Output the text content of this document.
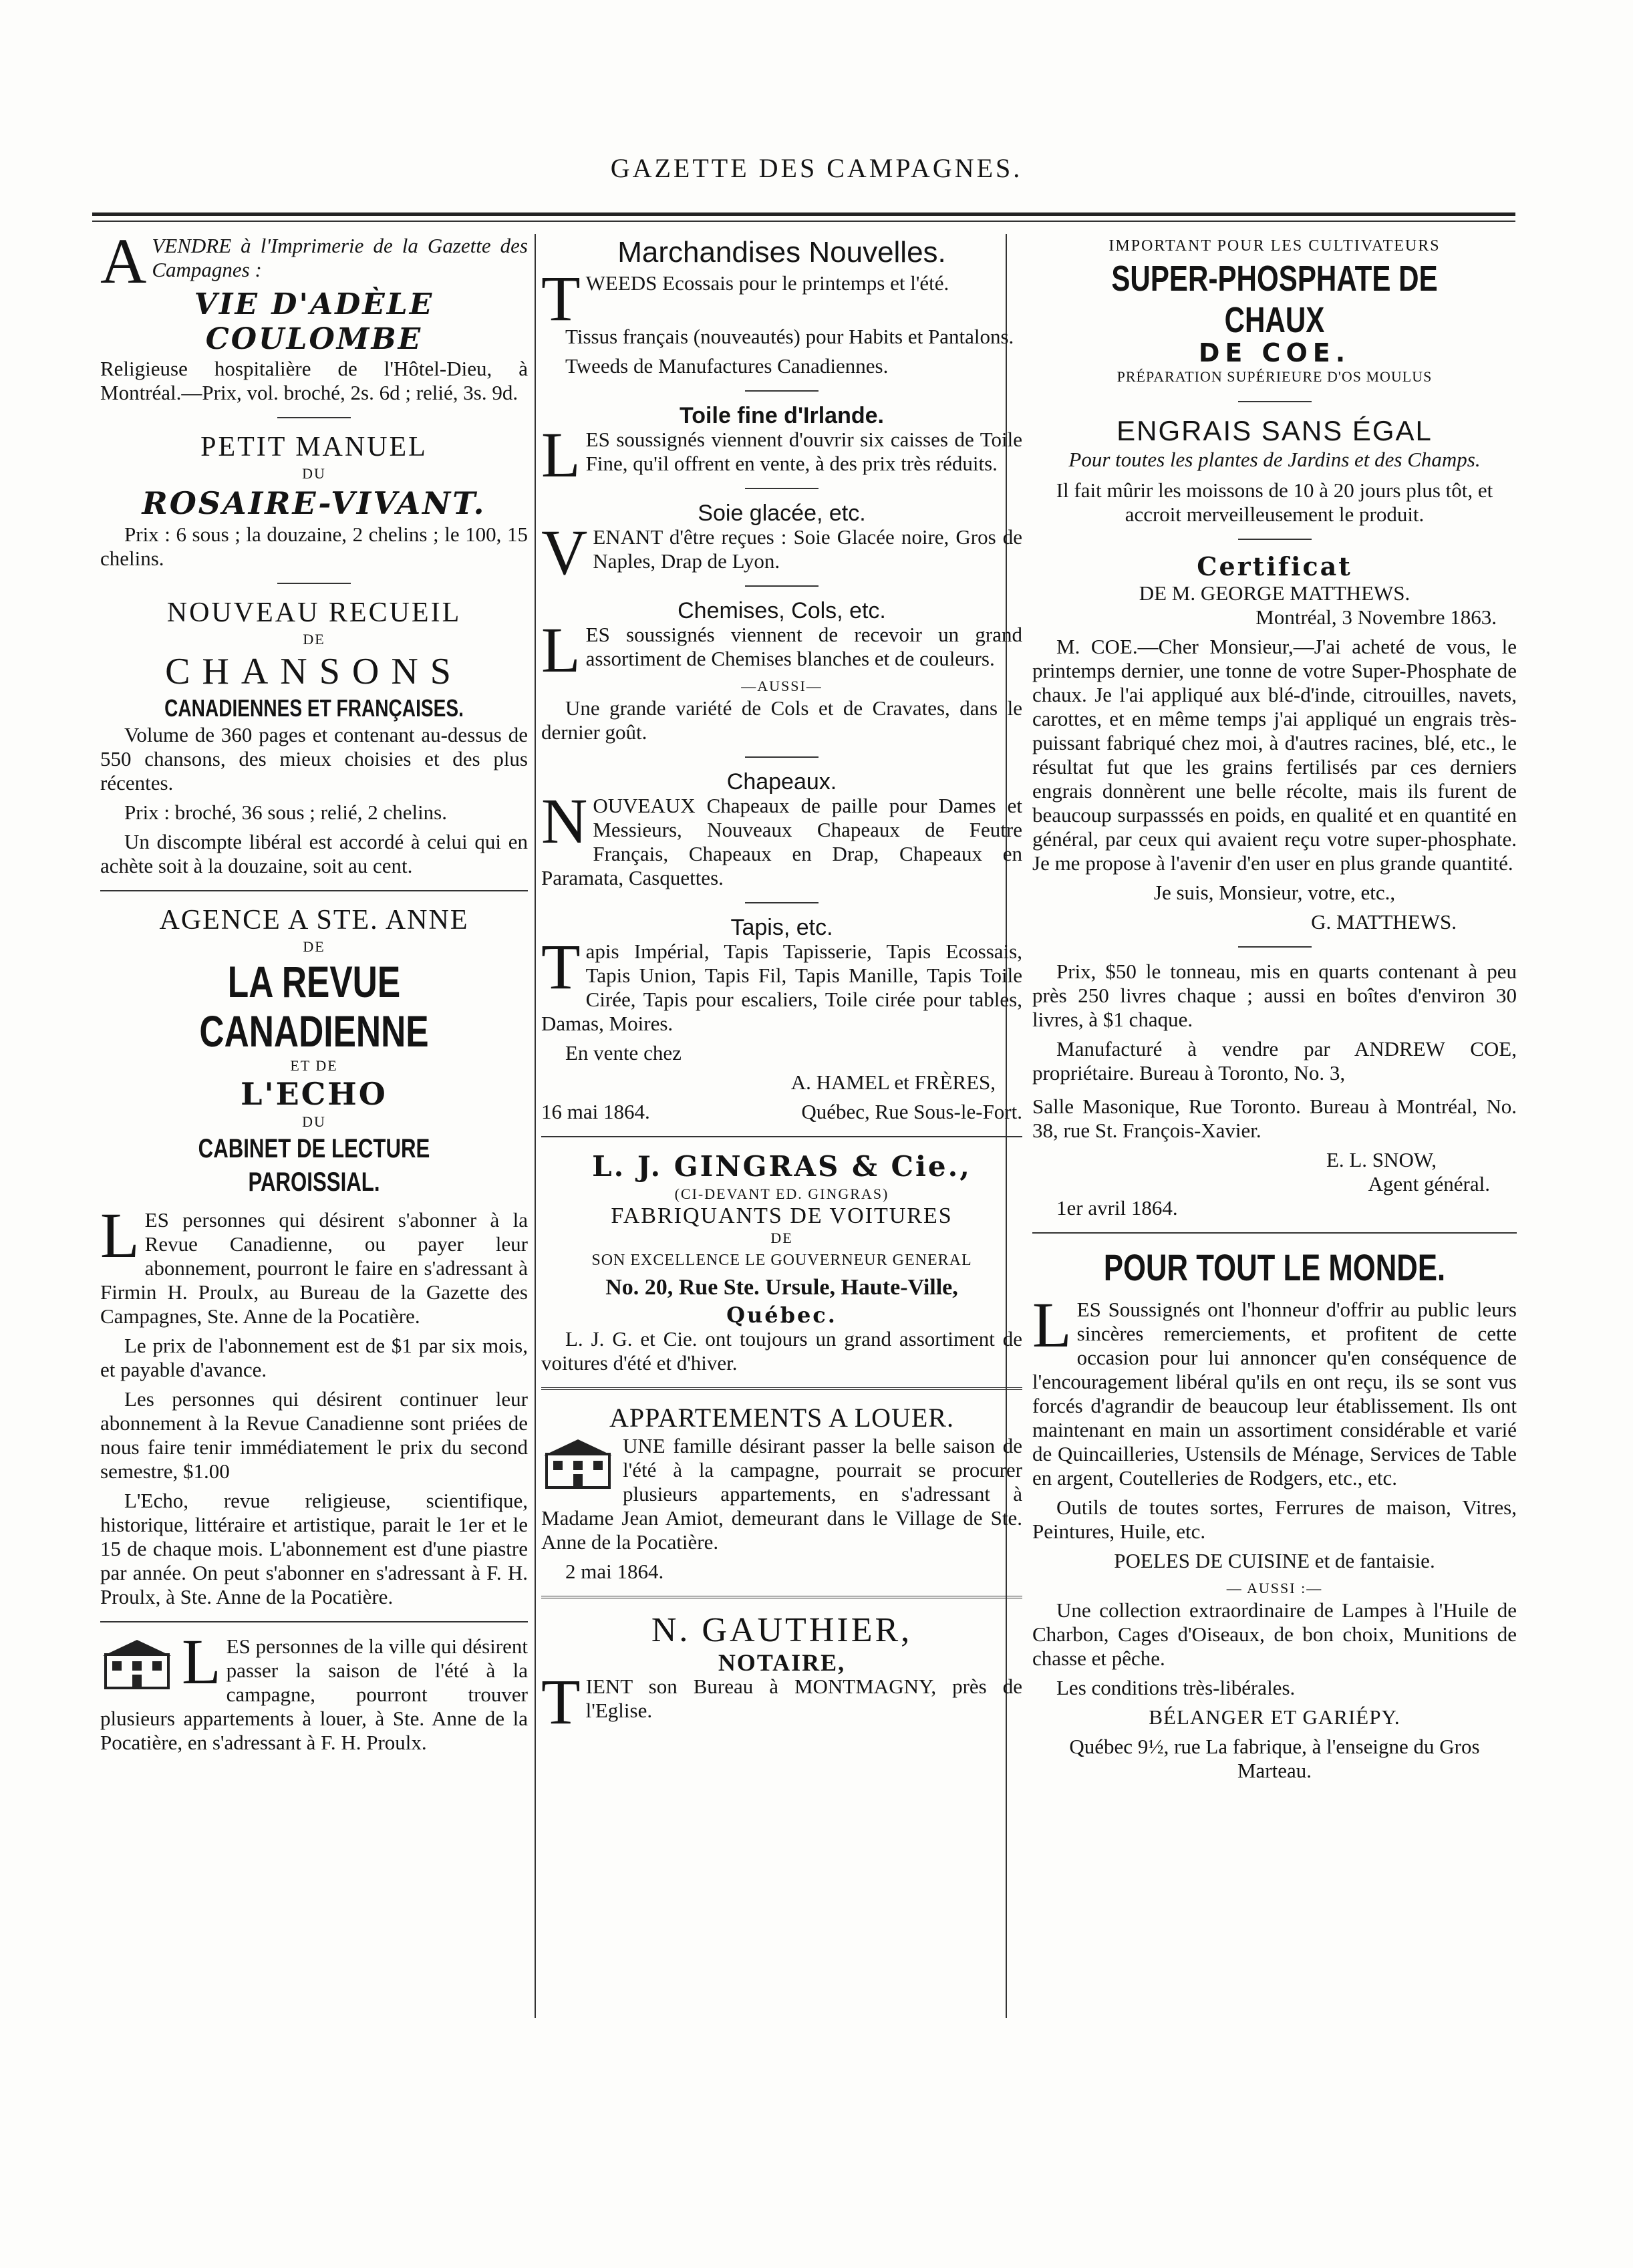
GAZETTE DES CAMPAGNES.

AVENDRE à l'Imprimerie de la Gazette des Campagnes :

VIE D'ADÈLE COULOMBE

Religieuse hospitalière de l'Hôtel-Dieu, à Montréal.—Prix, vol. broché, 2s. 6d ; relié, 3s. 9d.

PETIT MANUEL
DU
ROSAIRE-VIVANT.

Prix : 6 sous ; la douzaine, 2 chelins ; le 100, 15 chelins.

NOUVEAU RECUEIL
DE
CHANSONS
CANADIENNES ET FRANÇAISES.

Volume de 360 pages et contenant au-dessus de 550 chansons, des mieux choisies et des plus récentes.

Prix : broché, 36 sous ; relié, 2 chelins.

Un discompte libéral est accordé à celui qui en achète soit à la douzaine, soit au cent.

AGENCE A STE. ANNE
DE
LA REVUE CANADIENNE
ET DE
L'ECHO
DU
CABINET DE LECTURE PAROISSIAL.

LES personnes qui désirent s'abonner à la Revue Canadienne, ou payer leur abonnement, pourront le faire en s'adressant à Firmin H. Proulx, au Bureau de la Gazette des Campagnes, Ste. Anne de la Pocatière.

Le prix de l'abonnement est de $1 par six mois, et payable d'avance.

Les personnes qui désirent continuer leur abonnement à la Revue Canadienne sont priées de nous faire tenir immédiatement le prix du second semestre, $1.00

L'Echo, revue religieuse, scientifique, historique, littéraire et artistique, parait le 1er et le 15 de chaque mois. L'abonnement est d'une piastre par année. On peut s'abonner en s'adressant à F. H. Proulx, à Ste. Anne de la Pocatière.

LES personnes de la ville qui désirent passer la saison de l'été à la campagne, pourront trouver plusieurs appartements à louer, à Ste. Anne de la Pocatière, en s'adressant à F. H. Proulx.

Marchandises Nouvelles.

TWEEDS Ecossais pour le printemps et l'été.

Tissus français (nouveautés) pour Habits et Pantalons.

Tweeds de Manufactures Canadiennes.

Toile fine d'Irlande.

LES soussignés viennent d'ouvrir six caisses de Toile Fine, qu'il offrent en vente, à des prix très réduits.

Soie glacée, etc.

VENANT d'être reçues : Soie Glacée noire, Gros de Naples, Drap de Lyon.

Chemises, Cols, etc.

LES soussignés viennent de recevoir un grand assortiment de Chemises blanches et de couleurs.

—AUSSI—

Une grande variété de Cols et de Cravates, dans le dernier goût.

Chapeaux.

NOUVEAUX Chapeaux de paille pour Dames et Messieurs, Nouveaux Chapeaux de Feutre Français, Chapeaux en Drap, Chapeaux en Paramata, Casquettes.

Tapis, etc.

Tapis Impérial, Tapis Tapisserie, Tapis Ecossais, Tapis Union, Tapis Fil, Tapis Manille, Tapis Toile Cirée, Tapis pour escaliers, Toile cirée pour tables, Damas, Moires.

En vente chez

A. HAMEL et FRÈRES,

16 mai 1864.	Québec, Rue Sous-le-Fort.

L. J. GINGRAS & Cie.,
(CI-DEVANT ED. GINGRAS)
FABRIQUANTS DE VOITURES
DE
SON EXCELLENCE LE GOUVERNEUR GENERAL
No. 20, Rue Ste. Ursule, Haute-Ville,
Québec.

L. J. G. et Cie. ont toujours un grand assortiment de voitures d'été et d'hiver.

APPARTEMENTS A LOUER.

UNE famille désirant passer la belle saison de l'été à la campagne, pourrait se procurer plusieurs appartements, en s'adressant à Madame Jean Amiot, demeurant dans le Village de Ste. Anne de la Pocatière.

2 mai 1864.

N. GAUTHIER,
NOTAIRE,

TIENT son Bureau à MONTMAGNY, près de l'Eglise.

IMPORTANT POUR LES CULTIVATEURS
SUPER-PHOSPHATE DE CHAUX
DE COE.
PRÉPARATION SUPÉRIEURE D'OS MOULUS
ENGRAIS SANS ÉGAL
Pour toutes les plantes de Jardins et des Champs.

Il fait mûrir les moissons de 10 à 20 jours plus tôt, et accroit merveilleusement le produit.

Certificat
DE M. GEORGE MATTHEWS.

Montréal, 3 Novembre 1863.

M. COE.—Cher Monsieur,—J'ai acheté de vous, le printemps dernier, une tonne de votre Super-Phosphate de chaux. Je l'ai appliqué aux blé-d'inde, citrouilles, navets, carottes, et en même temps j'ai appliqué un engrais très-puissant fabriqué chez moi, à d'autres racines, blé, etc., le résultat fut que les grains fertilisés par ces derniers engrais donnèrent une belle récolte, mais ils furent de beaucoup surpasssés en poids, en qualité et en quantité en général, par ceux qui avaient reçu votre super-phosphate. Je me propose à l'avenir d'en user en plus grande quantité.

Je suis, Monsieur, votre, etc.,

G. MATTHEWS.

Prix, $50 le tonneau, mis en quarts contenant à peu près 250 livres chaque ; aussi en boîtes d'environ 30 livres, à $1 chaque.

Manufacturé à vendre par ANDREW COE, propriétaire. Bureau à Toronto, No. 3,

Salle Masonique, Rue Toronto. Bureau à Montréal, No. 38, rue St. François-Xavier.

E. L. SNOW,

Agent général.

1er avril 1864.

POUR TOUT LE MONDE.

LES Soussignés ont l'honneur d'offrir au public leurs sincères remerciements, et profitent de cette occasion pour lui annoncer qu'en conséquence de l'encouragement libéral qu'ils en ont reçu, ils se sont vus forcés d'agrandir de beaucoup leur établissement. Ils ont maintenant en main un assortiment considérable et varié de Quincailleries, Ustensils de Ménage, Services de Table en argent, Coutelleries de Rodgers, etc., etc.

Outils de toutes sortes, Ferrures de maison, Vitres, Peintures, Huile, etc.

POELES DE CUISINE et de fantaisie.

— AUSSI :—

Une collection extraordinaire de Lampes à l'Huile de Charbon, Cages d'Oiseaux, de bon choix, Munitions de chasse et pêche.

Les conditions très-libérales.

BÉLANGER ET GARIÉPY.

Québec 9½, rue La fabrique, à l'enseigne du Gros Marteau.
